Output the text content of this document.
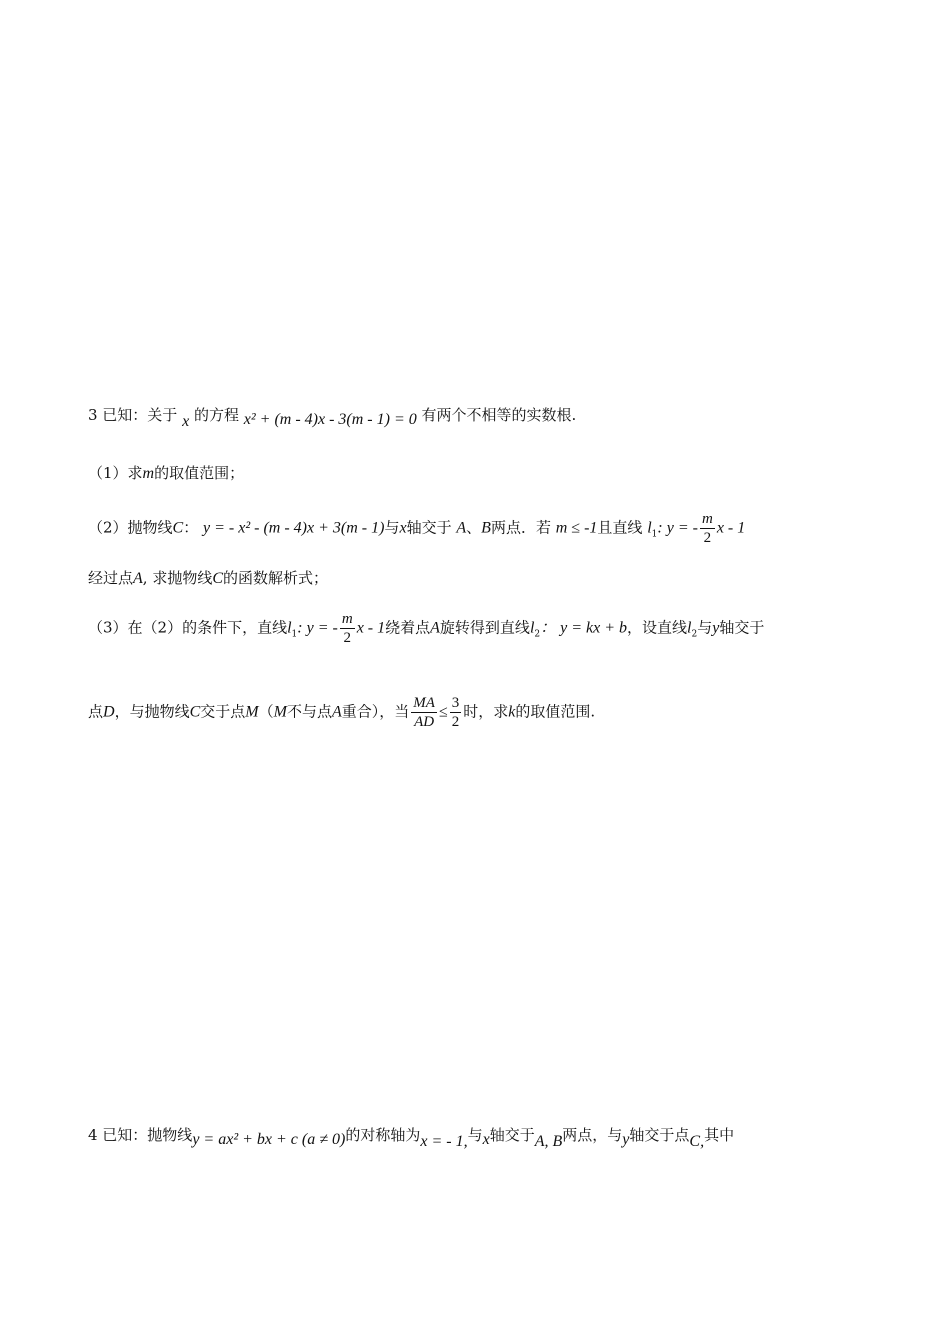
3 已知：关于 x 的方程 x² + (m - 4)x - 3(m - 1) = 0 有两个不相等的实数根.
（1）求m的取值范围；
（2）抛物线C： y = - x² - (m - 4)x + 3(m - 1)与x轴交于 A、B两点．若 m ≤ -1且直线 $l_1$: y = - $\frac{m}{2}$ x - 1
经过点A, 求抛物线C的函数解析式；
（3）在（2）的条件下，直线$l_1$: y = - $\frac{m}{2}$ x - 1绕着点A旋转得到直线$l_2$： y = kx + b，设直线$l_2$与y轴交于
点D，与抛物线C交于点M（M不与点A重合），当 $\frac{MA}{AD} \le \frac{3}{2}$ 时，求k的取值范围.
4 已知：抛物线y = ax² + bx + c (a ≠ 0)的对称轴为x = - 1,与x轴交于A, B两点，与y轴交于点C,其中
